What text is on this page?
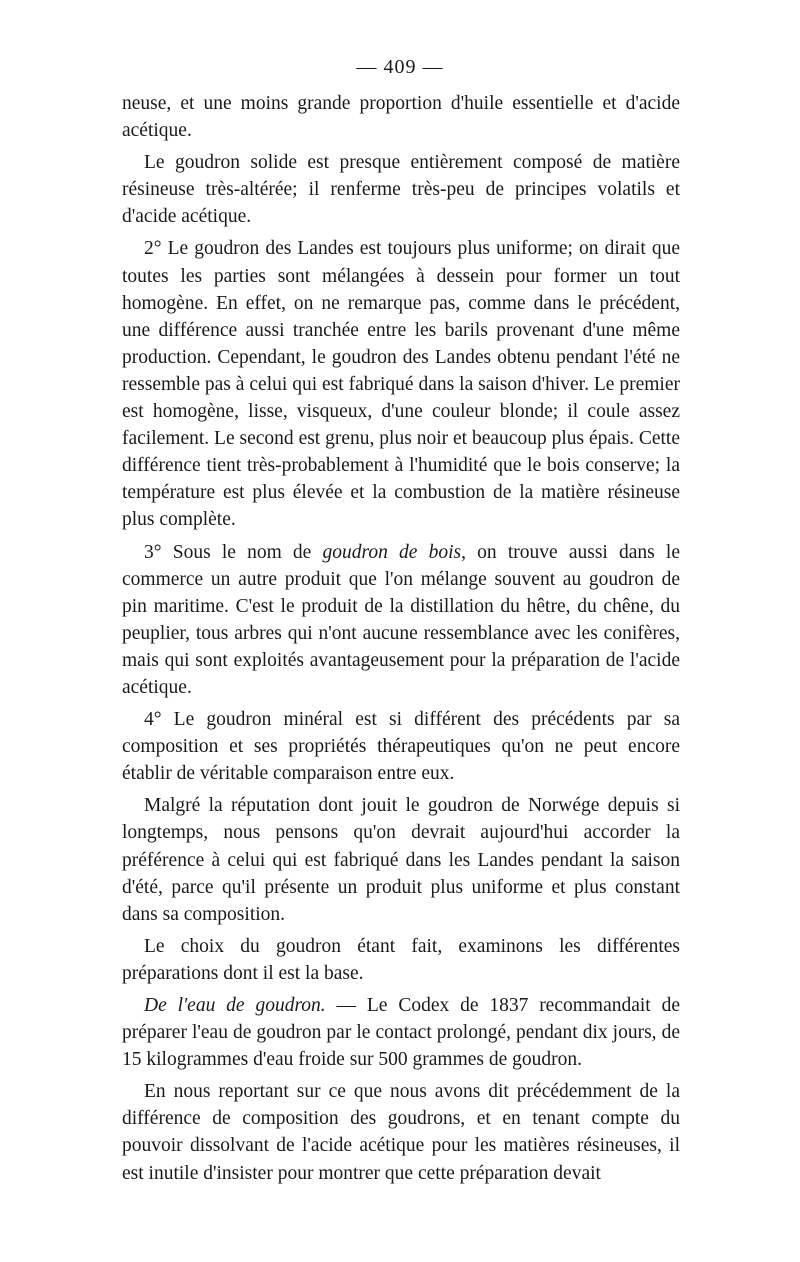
— 409 —

neuse, et une moins grande proportion d'huile essentielle et d'acide acétique.

Le goudron solide est presque entièrement composé de matière résineuse très-altérée; il renferme très-peu de principes volatils et d'acide acétique.

2° Le goudron des Landes est toujours plus uniforme; on dirait que toutes les parties sont mélangées à dessein pour former un tout homogène. En effet, on ne remarque pas, comme dans le précédent, une différence aussi tranchée entre les barils provenant d'une même production. Cependant, le goudron des Landes obtenu pendant l'été ne ressemble pas à celui qui est fabriqué dans la saison d'hiver. Le premier est homogène, lisse, visqueux, d'une couleur blonde; il coule assez facilement. Le second est grenu, plus noir et beaucoup plus épais. Cette différence tient très-probablement à l'humidité que le bois conserve; la température est plus élevée et la combustion de la matière résineuse plus complète.

3° Sous le nom de goudron de bois, on trouve aussi dans le commerce un autre produit que l'on mélange souvent au goudron de pin maritime. C'est le produit de la distillation du hêtre, du chêne, du peuplier, tous arbres qui n'ont aucune ressemblance avec les conifères, mais qui sont exploités avantageusement pour la préparation de l'acide acétique.

4° Le goudron minéral est si différent des précédents par sa composition et ses propriétés thérapeutiques qu'on ne peut encore établir de véritable comparaison entre eux.

Malgré la réputation dont jouit le goudron de Norwége depuis si longtemps, nous pensons qu'on devrait aujourd'hui accorder la préférence à celui qui est fabriqué dans les Landes pendant la saison d'été, parce qu'il présente un produit plus uniforme et plus constant dans sa composition.

Le choix du goudron étant fait, examinons les différentes préparations dont il est la base.

De l'eau de goudron. — Le Codex de 1837 recommandait de préparer l'eau de goudron par le contact prolongé, pendant dix jours, de 15 kilogrammes d'eau froide sur 500 grammes de goudron.

En nous reportant sur ce que nous avons dit précédemment de la différence de composition des goudrons, et en tenant compte du pouvoir dissolvant de l'acide acétique pour les matières résineuses, il est inutile d'insister pour montrer que cette préparation devait
